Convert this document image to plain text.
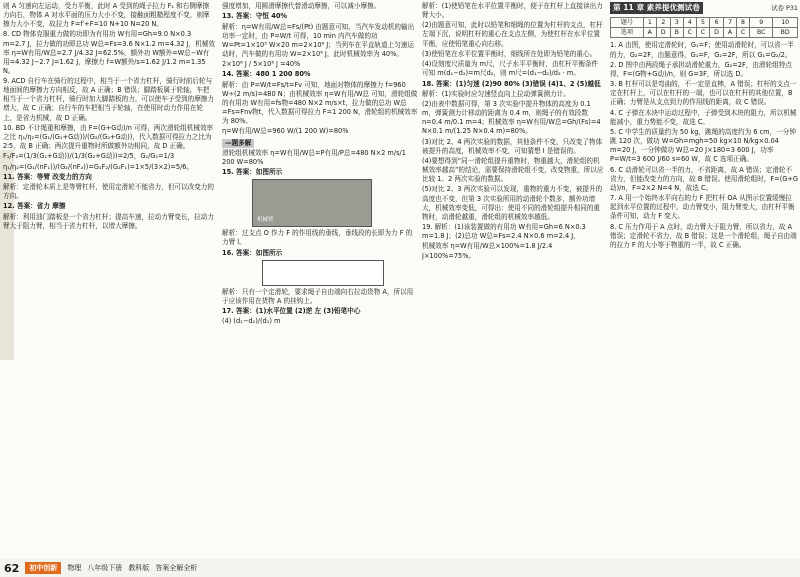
则 A 匀速向左运动，受力平衡，此时 A 受到的绳子拉力 F₁ 和右侧摩擦力向右，物体 A 对水平面的压力大小不变，接触面粗糙程度不变，则摩擦力大小不变，故拉力 F=f′+F=10 N+10 N=20 N。

8. CD 物体克服重力做的功即为有用功 W有用=Gh=9.0 N×0.3 m=2.7 J，拉力做的功即总功 W总=Fs=3.6 N×1.2 m=4.32 J，机械效率 η=W有用/W总=2.7 J/4.32 J=62.5%，额外功 W额外=W总−W有用=4.32 J−2.7 J=1.62 J，摩擦力 f=W额外/s=1.62 J/1.2 m=1.35 N。

9. ACD 自行车在骑行的过程中，相当于一个省力杠杆，骑行时前后轮与地面间的摩擦力方向相反，故 A 正确；B 错误；脚踏板属于轮轴，车把相当于一个省力杠杆，骑行时加大脚踏板的力，可以使车子受到的摩擦力增大，故 C 正确；自行车的车把相当于轮轴，在使用时动力作用在轮上，是省力机械，故 D 正确。

10. BD 不计绳重和摩擦，由 F=(G+G动)/n 可得，两次滑轮组机械效率之比 η₁/η₂=(G₁/(G₁+G动))/(G₂/(G₂+G动))，代入数据可得拉力之比为 2∶5，故 B 正确；两次提升重物时所做额外功相同，故 D 正确。

F₁/F₂=(1/3(G₁+G动))/(1/3(G₂+G动))=2/5，G₁/G₂=1/3

η₁/η₂=(G₁/(nF₁))/(G₂/(nF₂))=G₁F₂/(G₂F₁)=1×5/(3×2)=5/6。

11. 答案：等臂 改变力的方向

解析：定滑轮本质上是等臂杠杆，使用定滑轮不能省力，但可以改变力的方向。

12. 答案：省力 摩擦

解析：利用油门踏板是一个省力杠杆；提高车速，拉动力臂变长，拉动力臂大于阻力臂，相当于省力杠杆，以增大摩擦。

强度增加，用圆滑摩擦代替滑动摩擦，可以减小摩擦。

13. 答案：守恒 40%

解析：η=W有用/W总=Fs/(Pt) 由题意可知，当汽车发动机的输出功率一定时，由 P=W/t 可得，10 min 内汽车做的功 W=Pt=1×10⁵ W×20 m=2×10⁶ J；当列车在平直轨道上匀速运动时，汽车做的有用功 W=2×10⁶ J，此时机械效率为 40%。

2×10⁶ J / 5×10⁶ J =40%

14. 答案：480 1 200 80%

解析：由 P=W/t=Fs/t=Fv 可知，地面对物体的摩擦力 f=960 W÷(2 m/s)=480 N；由机械效率 η=W有用/W总 可知，滑轮组做的有用功 W有用=fs物=480 N×2 m/s×t，拉力做的总功 W总=Fs=Fnv物t，代入数据可得拉力 F=1 200 N，滑轮组的机械效率为 80%。

η=W有用/W总=960 W/(1 200 W)=80%

—题多解

滑轮组机械效率 η=W有用/W总=P有用/P总=480 N×2 m/s/1 200 W=80%

15. 答案：如图所示

机械臂

解析：过支点 O 作力 F 的作用线的垂线，垂线段的长即为力 F 的力臂 l。

16. 答案：如图所示

解析：只有一个定滑轮，要求绳子自由端向右拉动货物 A，所以用于应该作用在货物 A 的挂钩上。

17. 答案：(1)水平位置 (2)逆 左 (3)铅笔中心

(4) (d₁−d₂)/(d₁) m

解析：(1)使铅笔在水平位置平衡时，便于在杠杆上直接读出力臂大小。

(2)由题意可知，此时以铅笔和细绳的位置为杠杆的支点，杠杆左端下沉，说明杠杆的重心在支点左侧，为使杠杆在水平位置平衡，应使铅笔重心向右移。

(3)使铅笔在水平位置平衡时，细线所在处即为铅笔的重心。

(4)设刻度尺质量为 m尺，尺子水平平衡时，由杠杆平衡条件可知 m(d₁−d₂)=m尺d₂，则 m尺=(d₁−d₂)/d₂ · m。

18. 答案：(1)匀速 (2)90 80% (3)错误 (4)1、2 (5)越低

解析：(1)实验时应匀速竖直向上拉动弹簧测力计。

(2)由表中数据可得，第 3 次实验中提升物体的高度为 0.1 m，弹簧测力计移动的距离为 0.4 m，则绳子的有效段数 n=0.4 m/0.1 m=4；机械效率 η=W有用/W总=Gh/(Fs)=4 N×0.1 m/(1.25 N×0.4 m)=80%。

(3)对比 2、4 两次实验的数据，其他条件不变，只改变了物体被提升的高度，机械效率不变，可知猜想 I 是错误的。

(4)要想得到“同一滑轮组提升重物时，物重越大，滑轮组的机械效率越高”的结论，需要保持滑轮组不变，改变物重，所以应比较 1、2 两次实验的数据。

(5)对比 2、3 两次实验可以发现，重物的重力不变，被提升的高度也不变，但第 3 次实验所用的动滑轮个数多，额外功增大，机械效率变低，可得出：使用不同的滑轮组提升相同的重物时，动滑轮越重，滑轮组的机械效率越低。

19. 解析：(1)该装置做的有用功 W有用=Gh=6 N×0.3 m=1.8 J；(2)总功 W总=Fs=2.4 N×0.6 m=2.4 J，

机械效率 η=W有用/W总×100%=1.8 J/2.4 J×100%=75%。

第 11 章 素养提优测试卷	试卷 P31
题号	1	2	3	4	5	6	7	8	9	10
选项	A	D	B	C	C	D	A	C	BC	BD

1. A 由图，使用定滑轮时，G₁=F；使用动滑轮时，可以省一半的力，G₂=2F，由题意得，G₁=F，G₂=2F，所以 G₁=G₂/2。

2. D 图中由两段绳子承担动滑轮重力，G₂=2F，由滑轮组特点得，F=(G物+G动)/n，则 G=3F，所以选 D。

3. B 杠杆可以是弯曲的，不一定是直棒，A 错误；杠杆的支点一定在杠杆上，可以在杠杆的一端，也可以在杠杆的其他位置，B 正确；力臂是从支点到力的作用线的距离，故 C 错误。

4. C 子弹在木块中运动过程中，子弹受到木块的阻力，所以机械能减小，重力势能不变，故选 C。

5. C 中学生的质量约为 50 kg，跳绳的高度约为 6 cm，一分钟跳 120 次，做功 W=Gh=mgh=50 kg×10 N/kg×0.04 m=20 J，一分钟做功 W总=20 J×180=3 600 J，功率 P=W/t=3 600 J/60 s=60 W，故 C 选项正确。

6. C 动滑轮可以省一半的力，不省距离，故 A 错误；定滑轮不省力，但能改变力的方向，故 B 错误。使用滑轮组时，F=(G+G动)/n，F=2×2 N=4 N，故选 C。

7. A 用一个始终水平向右的力 F 把杠杆 OA 从图示位置缓慢拉起到水平位置的过程中，动力臂变小，阻力臂变大，由杠杆平衡条件可知，动力 F 变大。

8. C 压力作用于 A 点时，动力臂大于阻力臂，所以省力，故 A 错误；定滑轮不省力，故 B 错误；这是一个滑轮组，绳子自由端的拉力 F 的大小等于物重的一半，故 C 正确。

62	初中创新	物理 八年级下册 教科版 答案全解全析
